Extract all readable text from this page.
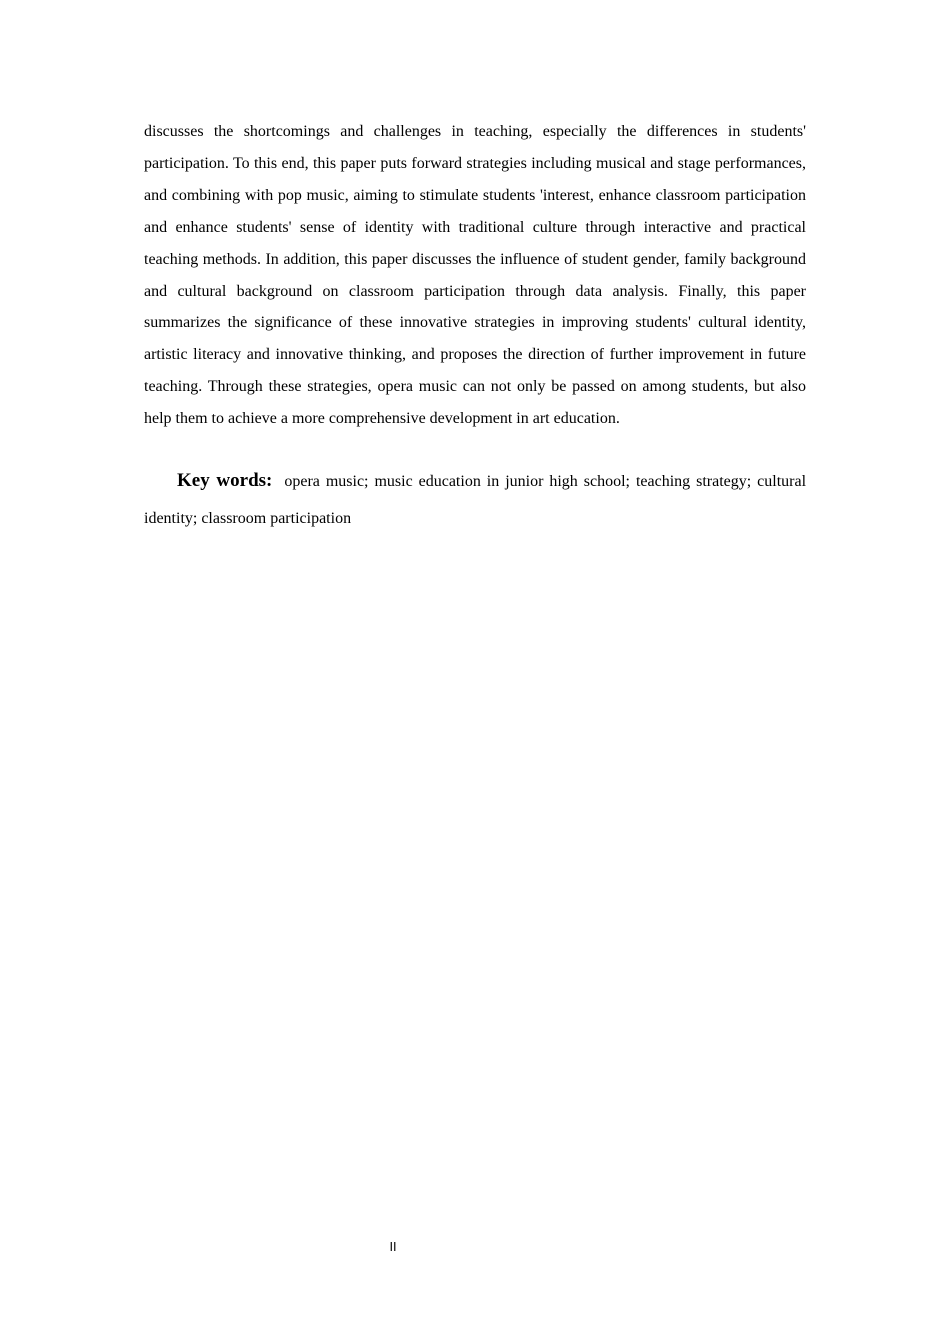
discusses the shortcomings and challenges in teaching, especially the differences in students' participation. To this end, this paper puts forward strategies including musical and stage performances, and combining with pop music, aiming to stimulate students 'interest, enhance classroom participation and enhance students' sense of identity with traditional culture through interactive and practical teaching methods. In addition, this paper discusses the influence of student gender, family background and cultural background on classroom participation through data analysis. Finally, this paper summarizes the significance of these innovative strategies in improving students' cultural identity, artistic literacy and innovative thinking, and proposes the direction of further improvement in future teaching. Through these strategies, opera music can not only be passed on among students, but also help them to achieve a more comprehensive development in art education.

Key words: opera music; music education in junior high school; teaching strategy; cultural identity; classroom participation

II
